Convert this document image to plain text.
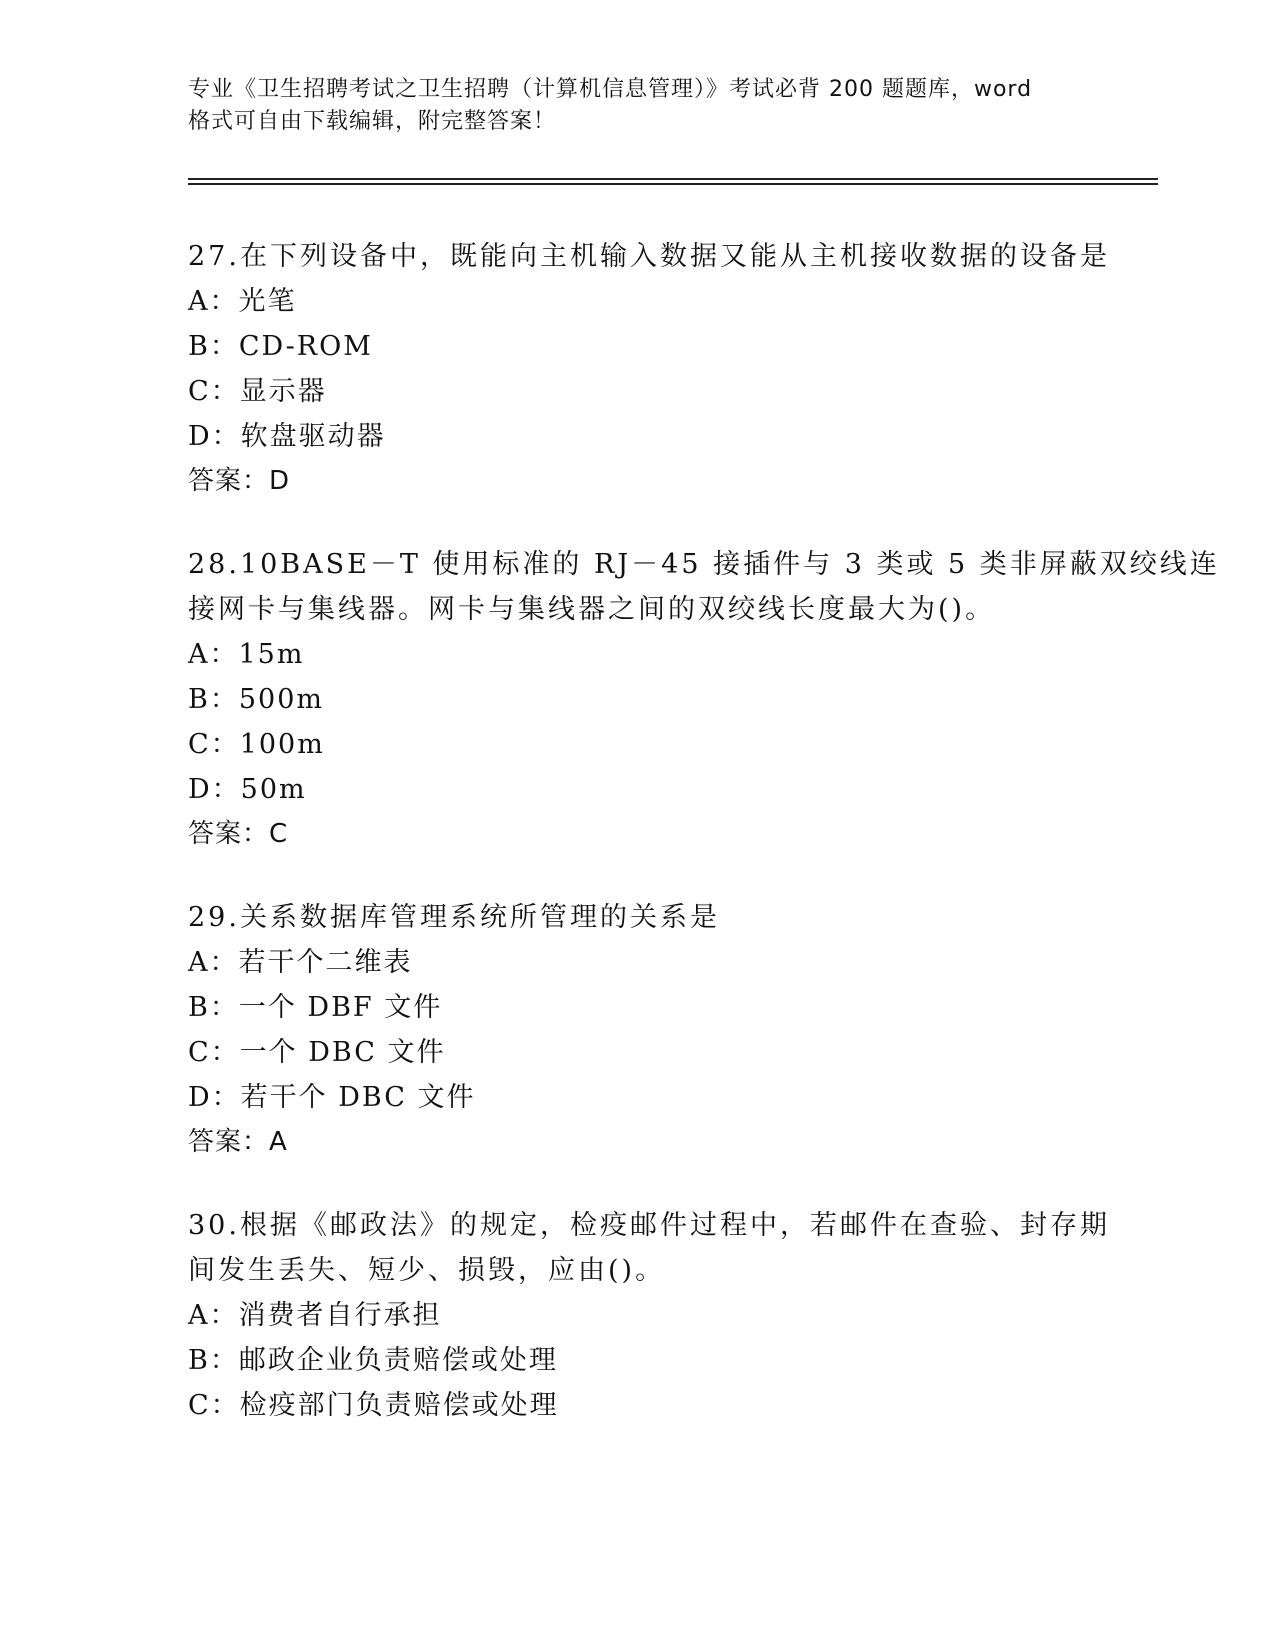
专业《卫生招聘考试之卫生招聘（计算机信息管理）》考试必背 200 题题库，word
格式可自由下载编辑，附完整答案！

27.在下列设备中，既能向主机输入数据又能从主机接收数据的设备是

A：光笔
B：CD-ROM
C：显示器
D：软盘驱动器
答案：D

28.10BASE－T 使用标准的 RJ－45 接插件与 3 类或 5 类非屏蔽双绞线连
接网卡与集线器。网卡与集线器之间的双绞线长度最大为()。

A：15m
B：500m
C：100m
D：50m
答案：C

29.关系数据库管理系统所管理的关系是

A：若干个二维表
B：一个 DBF 文件
C：一个 DBC 文件
D：若干个 DBC 文件
答案：A

30.根据《邮政法》的规定，检疫邮件过程中，若邮件在查验、封存期
间发生丢失、短少、损毁，应由()。

A：消费者自行承担
B：邮政企业负责赔偿或处理
C：检疫部门负责赔偿或处理
